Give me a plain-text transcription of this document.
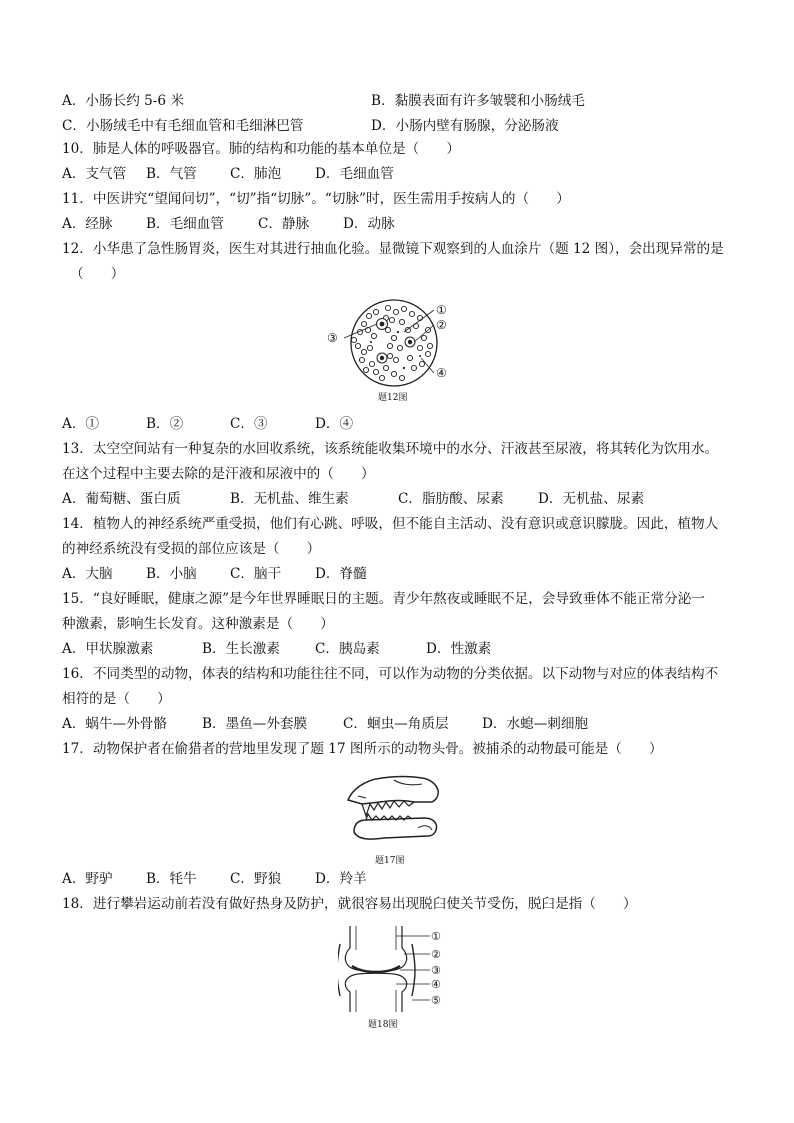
A．小肠长约 5-6 米	B．黏膜表面有许多皱襞和小肠绒毛
C．小肠绒毛中有毛细血管和毛细淋巴管	D．小肠内壁有肠腺，分泌肠液
10．肺是人体的呼吸器官。肺的结构和功能的基本单位是（　　）
A．支气管 B．气管 C．肺泡 D．毛细血管
11．中医讲究“望闻问切”，“切”指“切脉”。“切脉”时，医生需用手按病人的（　　）
A．经脉 B．毛细血管	C．静脉 D．动脉
12．小华患了急性肠胃炎，医生对其进行抽血化验。显微镜下观察到的人血涂片（题 12 图），会出现异常的是
（　　）
①
②
③
④
题12图
A．①	B．②	C．③	D．④
13．太空空间站有一种复杂的水回收系统，该系统能收集环境中的水分、汗液甚至尿液，将其转化为饮用水。
在这个过程中主要去除的是汗液和尿液中的（　　）
A．葡萄糖、蛋白质	B．无机盐、维生素	C．脂肪酸、尿素	D．无机盐、尿素
14．植物人的神经系统严重受损，他们有心跳、呼吸，但不能自主活动、没有意识或意识朦胧。因此，植物人
的神经系统没有受损的部位应该是（　　）
A．大脑 B．小脑 C．脑干 D．脊髓
15．“良好睡眠，健康之源”是今年世界睡眠日的主题。青少年熬夜或睡眠不足，会导致垂体不能正常分泌一
种激素，影响生长发育。这种激素是（　　）
A．甲状腺激素	B．生长激素	C．胰岛素	D．性激素
16．不同类型的动物，体表的结构和功能往往不同，可以作为动物的分类依据。以下动物与对应的体表结构不
相符的是（　　）
A．蜗牛—外骨骼	B．墨鱼—外套膜	C．蛔虫—角质层 D．水螅—刺细胞
17．动物保护者在偷猎者的营地里发现了题 17 图所示的动物头骨。被捕杀的动物最可能是（　　）
题17图
A．野驴 B．牦牛 C．野狼 D．羚羊
18．进行攀岩运动前若没有做好热身及防护，就很容易出现脱臼使关节受伤，脱臼是指（　　）
①
②
③
④
⑤
题18图
